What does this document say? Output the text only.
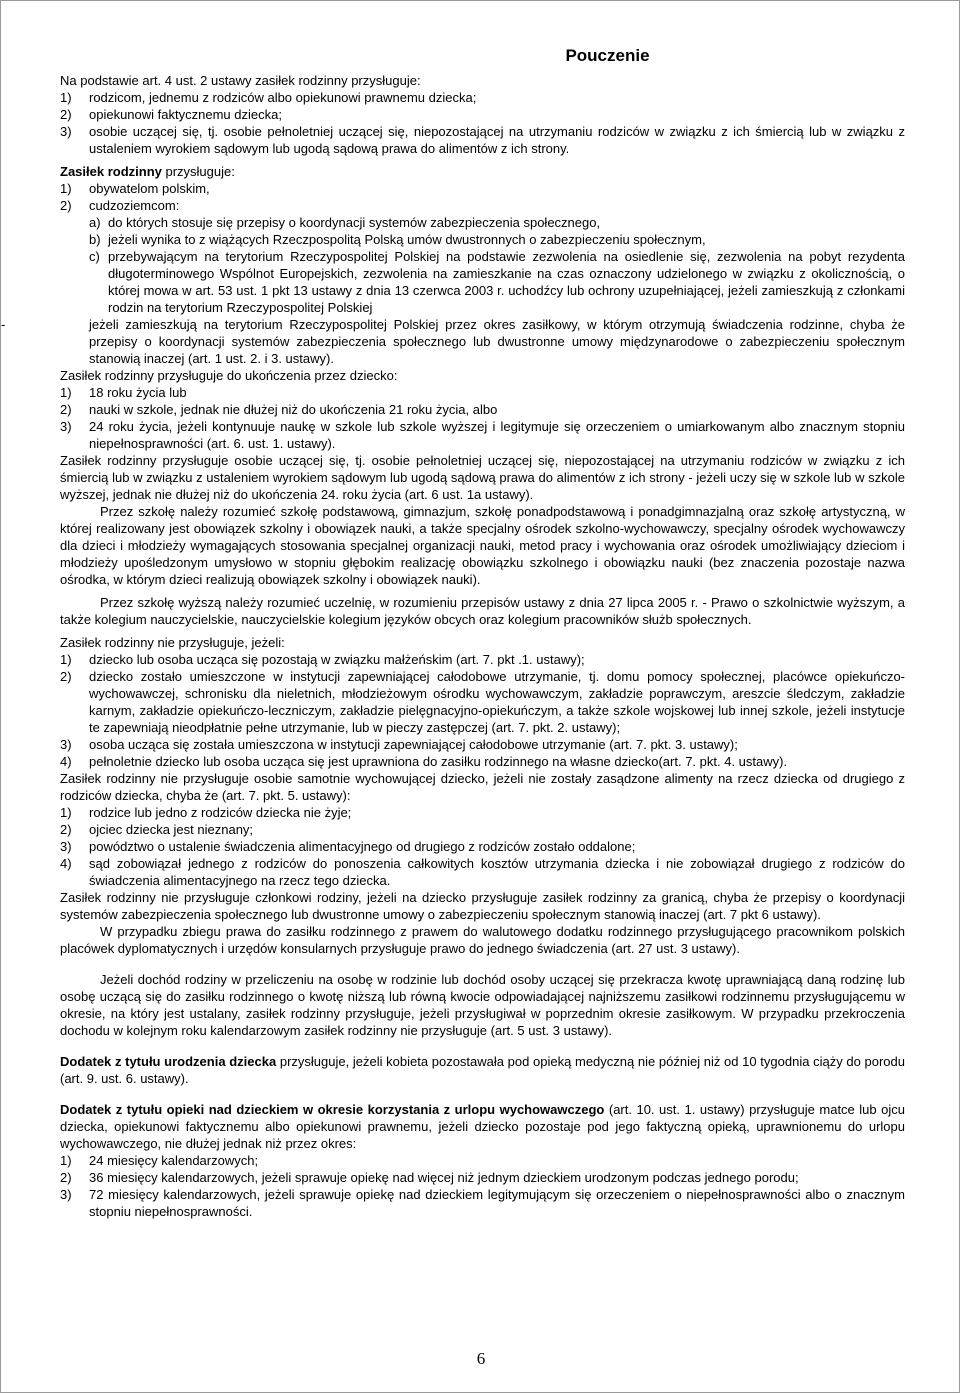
Pouczenie

Na podstawie art. 4 ust. 2 ustawy zasiłek rodzinny przysługuje:

1)	rodzicom, jednemu z rodziców albo opiekunowi prawnemu dziecka;
2)	opiekunowi faktycznemu dziecka;
3)	osobie uczącej się, tj. osobie pełnoletniej uczącej się, niepozostającej na utrzymaniu rodziców w związku z ich śmiercią lub w związku z ustaleniem wyrokiem sądowym lub ugodą sądową prawa do alimentów z ich strony.

Zasiłek rodzinny przysługuje:

1)	obywatelom polskim,
2)	cudzoziemcom:
a) do których stosuje się przepisy o koordynacji systemów zabezpieczenia społecznego,
b) jeżeli wynika to z wiążących Rzeczpospolitą Polską umów dwustronnych o zabezpieczeniu społecznym,
c) przebywającym na terytorium Rzeczypospolitej Polskiej na podstawie zezwolenia na osiedlenie się, zezwolenia na pobyt rezydenta długoterminowego Wspólnot Europejskich, zezwolenia na zamieszkanie na czas oznaczony udzielonego w związku z okolicznością, o której mowa w art. 53 ust. 1 pkt 13 ustawy z dnia 13 czerwca 2003 r. uchodźcy lub ochrony uzupełniającej, jeżeli zamieszkują z członkami rodzin na terytorium Rzeczypospolitej Polskiej
-	jeżeli zamieszkują na terytorium Rzeczypospolitej Polskiej przez okres zasiłkowy, w którym otrzymują świadczenia rodzinne, chyba że przepisy o koordynacji systemów zabezpieczenia społecznego lub dwustronne umowy międzynarodowe o zabezpieczeniu społecznym stanowią inaczej (art. 1 ust. 2. i 3. ustawy).

Zasiłek rodzinny przysługuje do ukończenia przez dziecko:

1)	18 roku życia lub
2)	nauki w szkole, jednak nie dłużej niż do ukończenia 21 roku życia, albo
3)	24 roku życia, jeżeli kontynuuje naukę w szkole lub szkole wyższej i legitymuje się orzeczeniem o umiarkowanym albo znacznym stopniu niepełnosprawności (art. 6. ust. 1. ustawy).

Zasiłek rodzinny przysługuje osobie uczącej się, tj. osobie pełnoletniej uczącej się, niepozostającej na utrzymaniu rodziców w związku z ich śmiercią lub w związku z ustaleniem wyrokiem sądowym lub ugodą sądową prawa do alimentów z ich strony - jeżeli uczy się w szkole lub w szkole wyższej, jednak nie dłużej niż do ukończenia 24. roku życia (art. 6 ust. 1a ustawy).

Przez szkołę należy rozumieć szkołę podstawową, gimnazjum, szkołę ponadpodstawową i ponadgimnazjalną oraz szkołę artystyczną, w której realizowany jest obowiązek szkolny i obowiązek nauki, a także specjalny ośrodek szkolno-wychowawczy, specjalny ośrodek wychowawczy dla dzieci i młodzieży wymagających stosowania specjalnej organizacji nauki, metod pracy i wychowania oraz ośrodek umożliwiający dzieciom i młodzieży upośledzonym umysłowo w stopniu głębokim realizację obowiązku szkolnego i obowiązku nauki (bez znaczenia pozostaje nazwa ośrodka, w którym dzieci realizują obowiązek szkolny i obowiązek nauki).

Przez szkołę wyższą należy rozumieć uczelnię, w rozumieniu przepisów ustawy z dnia 27 lipca 2005 r. - Prawo o szkolnictwie wyższym, a także kolegium nauczycielskie, nauczycielskie kolegium języków obcych oraz kolegium pracowników służb społecznych.

Zasiłek rodzinny nie przysługuje, jeżeli:

1)	dziecko lub osoba ucząca się pozostają w związku małżeńskim (art. 7. pkt .1. ustawy);
2)	dziecko zostało umieszczone w instytucji zapewniającej całodobowe utrzymanie, tj. domu pomocy społecznej, placówce opiekuńczo-wychowawczej, schronisku dla nieletnich, młodzieżowym ośrodku wychowawczym, zakładzie poprawczym, areszcie śledczym, zakładzie karnym, zakładzie opiekuńczo-leczniczym, zakładzie pielęgnacyjno-opiekuńczym, a także szkole wojskowej lub innej szkole, jeżeli instytucje te zapewniają nieodpłatnie pełne utrzymanie, lub w pieczy zastępczej (art. 7. pkt. 2. ustawy);
3)	osoba ucząca się została umieszczona w instytucji zapewniającej całodobowe utrzymanie (art. 7. pkt. 3. ustawy);
4)	pełnoletnie dziecko lub osoba ucząca się jest uprawniona do zasiłku rodzinnego na własne dziecko(art. 7. pkt. 4. ustawy).

Zasiłek rodzinny nie przysługuje osobie samotnie wychowującej dziecko, jeżeli nie zostały zasądzone alimenty na rzecz dziecka od drugiego z rodziców dziecka, chyba że (art. 7. pkt. 5. ustawy):

1)	rodzice lub jedno z rodziców dziecka nie żyje;
2)	ojciec dziecka jest nieznany;
3)	powództwo o ustalenie świadczenia alimentacyjnego od drugiego z rodziców zostało oddalone;
4)	sąd zobowiązał jednego z rodziców do ponoszenia całkowitych kosztów utrzymania dziecka i nie zobowiązał drugiego z rodziców do świadczenia alimentacyjnego na rzecz tego dziecka.

Zasiłek rodzinny nie przysługuje członkowi rodziny, jeżeli na dziecko przysługuje zasiłek rodzinny za granicą, chyba że przepisy o koordynacji systemów zabezpieczenia społecznego lub dwustronne umowy o zabezpieczeniu społecznym stanowią inaczej (art. 7 pkt 6 ustawy).

W przypadku zbiegu prawa do zasiłku rodzinnego z prawem do walutowego dodatku rodzinnego przysługującego pracownikom polskich placówek dyplomatycznych i urzędów konsularnych przysługuje prawo do jednego świadczenia (art. 27 ust. 3 ustawy).

Jeżeli dochód rodziny w przeliczeniu na osobę w rodzinie lub dochód osoby uczącej się przekracza kwotę uprawniającą daną rodzinę lub osobę uczącą się do zasiłku rodzinnego o kwotę niższą lub równą kwocie odpowiadającej najniższemu zasiłkowi rodzinnemu przysługującemu w okresie, na który jest ustalany, zasiłek rodzinny przysługuje, jeżeli przysługiwał w poprzednim okresie zasiłkowym. W przypadku przekroczenia dochodu w kolejnym roku kalendarzowym zasiłek rodzinny nie przysługuje (art. 5 ust. 3 ustawy).

Dodatek z tytułu urodzenia dziecka przysługuje, jeżeli kobieta pozostawała pod opieką medyczną nie później niż od 10 tygodnia ciąży do porodu (art. 9. ust. 6. ustawy).

Dodatek z tytułu opieki nad dzieckiem w okresie korzystania z urlopu wychowawczego (art. 10. ust. 1. ustawy) przysługuje matce lub ojcu dziecka, opiekunowi faktycznemu albo opiekunowi prawnemu, jeżeli dziecko pozostaje pod jego faktyczną opieką, uprawnionemu do urlopu wychowawczego, nie dłużej jednak niż przez okres:

1)	24 miesięcy kalendarzowych;
2)	36 miesięcy kalendarzowych, jeżeli sprawuje opiekę nad więcej niż jednym dzieckiem urodzonym podczas jednego porodu;
3)	72 miesięcy kalendarzowych, jeżeli sprawuje opiekę nad dzieckiem legitymującym się orzeczeniem o niepełnosprawności albo o znacznym stopniu niepełnosprawności.
6
